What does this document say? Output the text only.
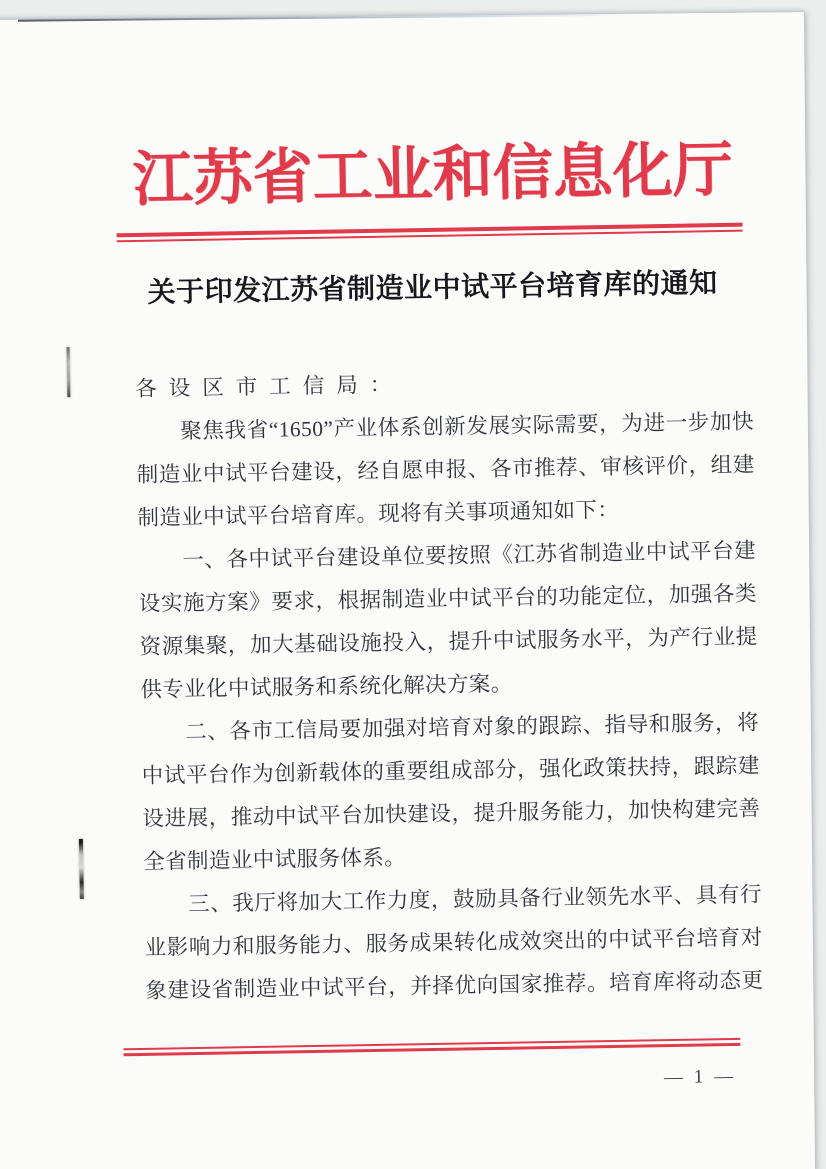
江苏省工业和信息化厅
关于印发江苏省制造业中试平台培育库的通知
各设区市工信局：
　　聚焦我省“1650”产业体系创新发展实际需要，为进一步加快
制造业中试平台建设，经自愿申报、各市推荐、审核评价，组建
制造业中试平台培育库。现将有关事项通知如下：
　　一、各中试平台建设单位要按照《江苏省制造业中试平台建
设实施方案》要求，根据制造业中试平台的功能定位，加强各类
资源集聚，加大基础设施投入，提升中试服务水平，为产行业提
供专业化中试服务和系统化解决方案。
　　二、各市工信局要加强对培育对象的跟踪、指导和服务，将
中试平台作为创新载体的重要组成部分，强化政策扶持，跟踪建
设进展，推动中试平台加快建设，提升服务能力，加快构建完善
全省制造业中试服务体系。
　　三、我厅将加大工作力度，鼓励具备行业领先水平、具有行
业影响力和服务能力、服务成果转化成效突出的中试平台培育对
象建设省制造业中试平台，并择优向国家推荐。培育库将动态更
— 1 —
